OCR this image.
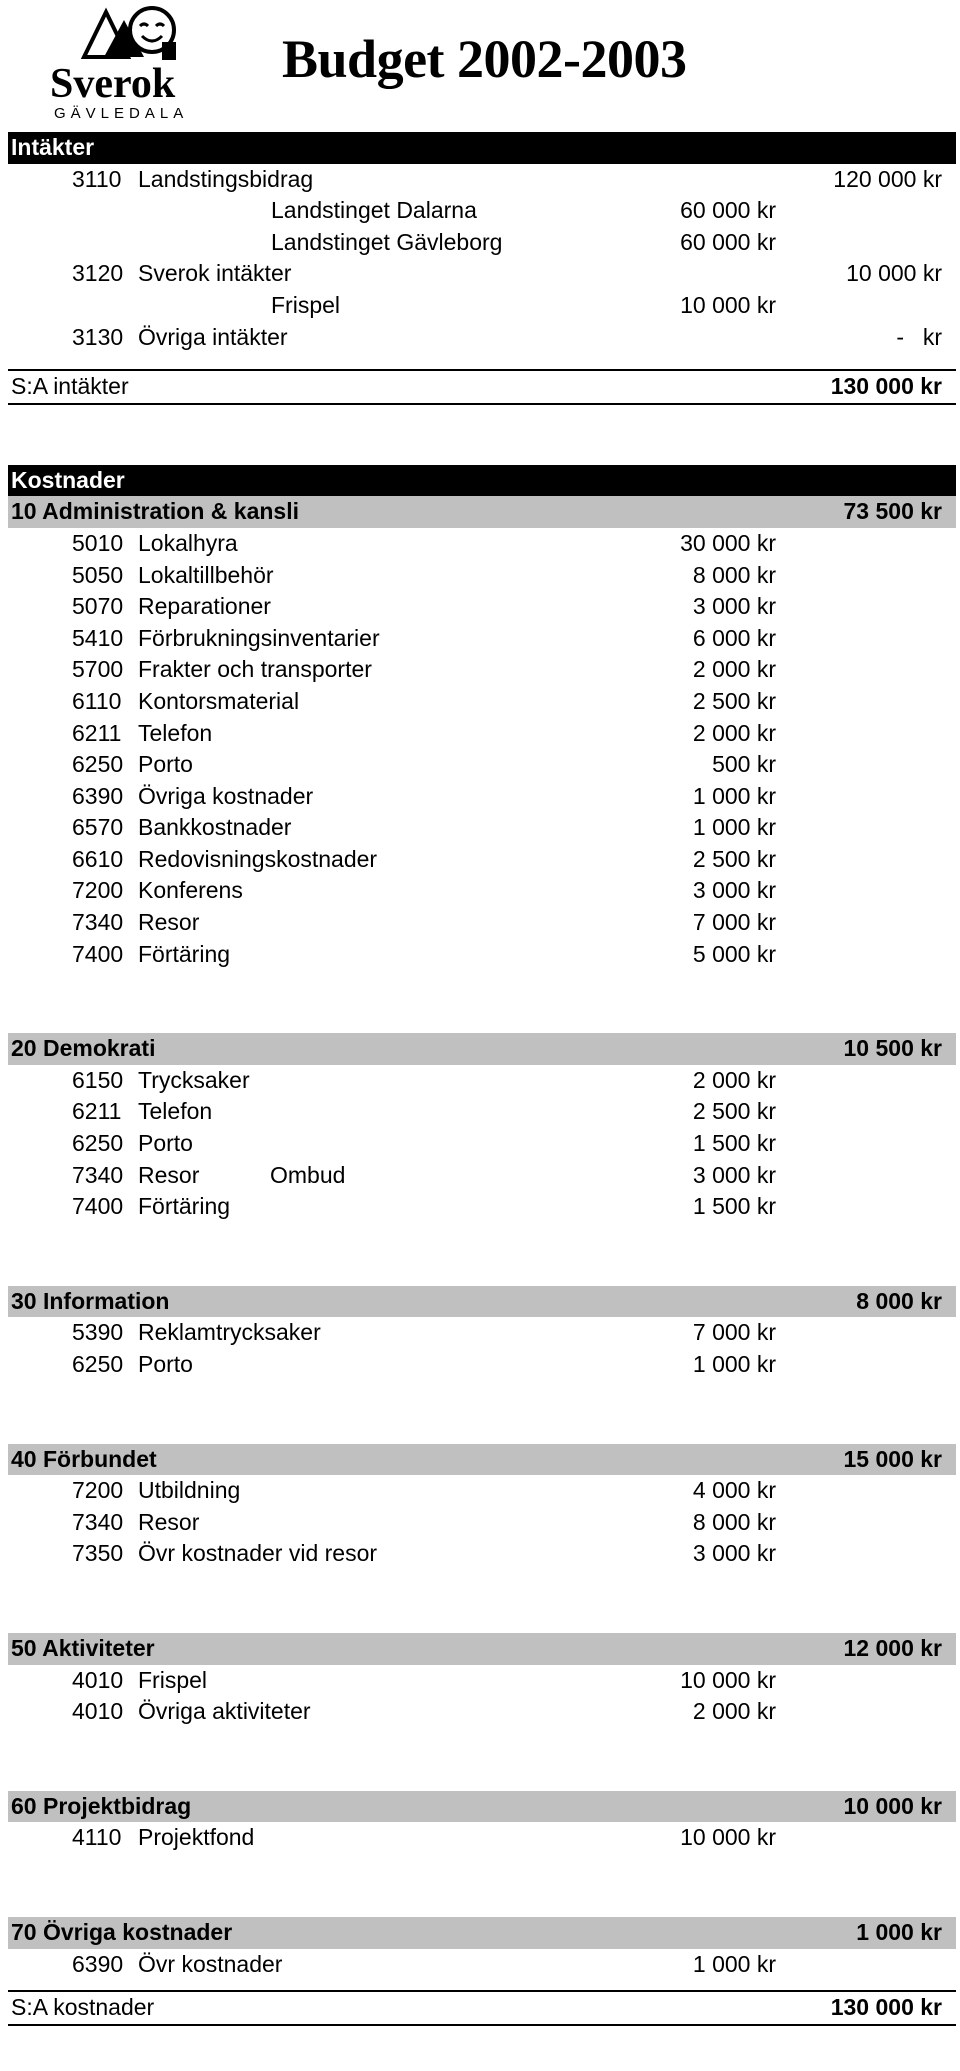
Sverok
GÄVLEDALA
Budget 2002-2003
Intäkter
3110 Landstingsbidrag	120 000 kr
Landstinget Dalarna	60 000 kr
Landstinget Gävleborg	60 000 kr
3120 Sverok intäkter	10 000 kr
Frispel	10 000 kr
3130 Övriga intäkter	- kr
S:A intäkter	130 000 kr
Kostnader
10 Administration & kansli	73 500 kr
5010 Lokalhyra	30 000 kr
5050 Lokaltillbehör	8 000 kr
5070 Reparationer	3 000 kr
5410 Förbrukningsinventarier	6 000 kr
5700 Frakter och transporter	2 000 kr
6110 Kontorsmaterial	2 500 kr
6211 Telefon	2 000 kr
6250 Porto	500 kr
6390 Övriga kostnader	1 000 kr
6570 Bankkostnader	1 000 kr
6610 Redovisningskostnader	2 500 kr
7200 Konferens	3 000 kr
7340 Resor	7 000 kr
7400 Förtäring	5 000 kr
20 Demokrati	10 500 kr
6150 Trycksaker	2 000 kr
6211 Telefon	2 500 kr
6250 Porto	1 500 kr
7340 Resor	Ombud	3 000 kr
7400 Förtäring	1 500 kr
30 Information	8 000 kr
5390 Reklamtrycksaker	7 000 kr
6250 Porto	1 000 kr
40 Förbundet	15 000 kr
7200 Utbildning	4 000 kr
7340 Resor	8 000 kr
7350 Övr kostnader vid resor	3 000 kr
50 Aktiviteter	12 000 kr
4010 Frispel	10 000 kr
4010 Övriga aktiviteter	2 000 kr
60 Projektbidrag	10 000 kr
4110 Projektfond	10 000 kr
70 Övriga kostnader	1 000 kr
6390 Övr kostnader	1 000 kr
S:A kostnader	130 000 kr
